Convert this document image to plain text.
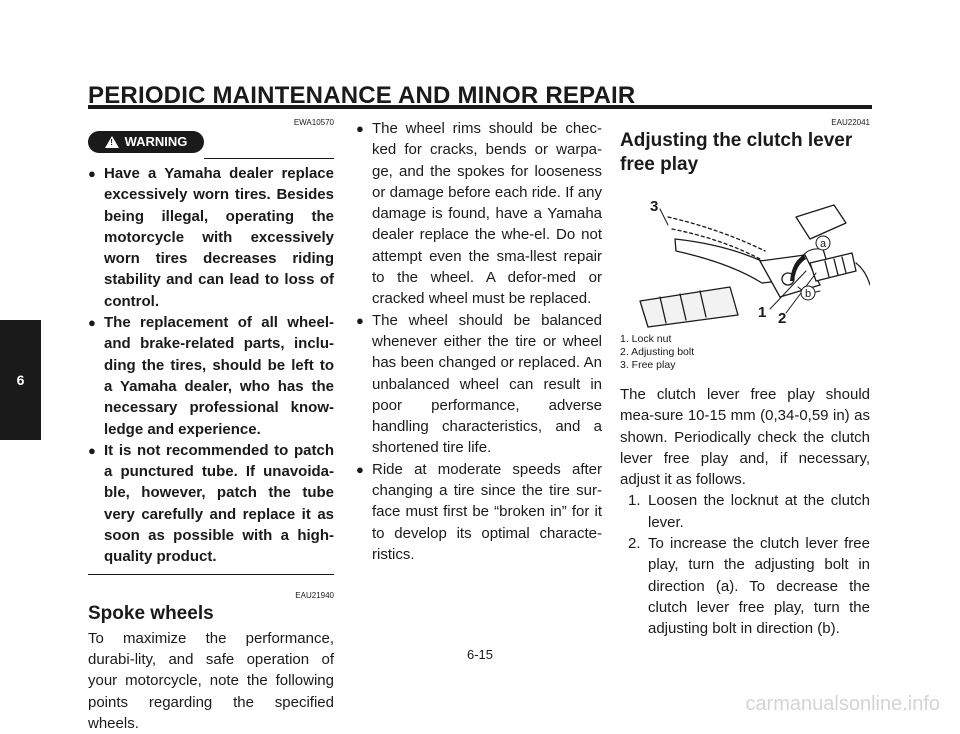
PERIODIC MAINTENANCE AND MINOR REPAIR
6
EWA10570
! WARNING
● Have a Yamaha dealer replace excessively worn tires. Besides being illegal, operating the motorcycle with excessively worn tires decreases riding stability and can lead to loss of control.
● The replacement of all wheel- and brake-related parts, inclu-ding the tires, should be left to a Yamaha dealer, who has the necessary professional know-ledge and experience.
● It is not recommended to patch a punctured tube. If unavoida-ble, however, patch the tube very carefully and replace it as soon as possible with a high-quality product.
EAU21940
Spoke wheels

To maximize the performance, durabi-lity, and safe operation of your motorcycle, note the following points regarding the specified wheels.

● The wheel rims should be chec-ked for cracks, bends or warpa-ge, and the spokes for looseness or damage before each ride. If any damage is found, have a Yamaha dealer replace the whe-el. Do not attempt even the sma-llest repair to the wheel. A defor-med or cracked wheel must be replaced.
● The wheel should be balanced whenever either the tire or wheel has been changed or replaced. An unbalanced wheel can result in poor performance, adverse handling characteristics, and a shortened tire life.
● Ride at moderate speeds after changing a tire since the tire sur-face must first be “broken in” for it to develop its optimal characte-ristics.
EAU22041
Adjusting the clutch lever free play
3
1 2
a
b
1. Lock nut
2. Adjusting bolt
3. Free play

The clutch lever free play should mea-sure 10-15 mm (0,34-0,59 in) as shown. Periodically check the clutch lever free play and, if necessary, adjust it as follows.

1. Loosen the locknut at the clutch lever.
2. To increase the clutch lever free play, turn the adjusting bolt in direction (a). To decrease the clutch lever free play, turn the adjusting bolt in direction (b).
6-15
carmanualsonline.info
